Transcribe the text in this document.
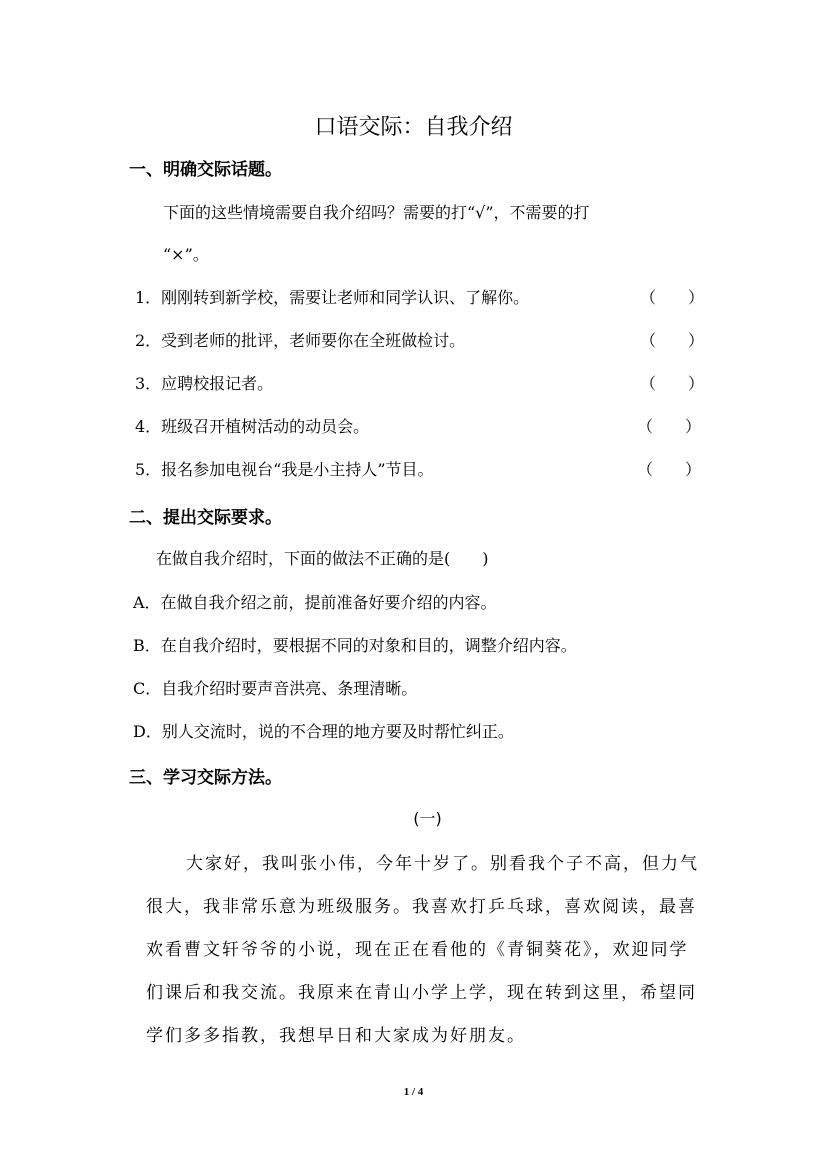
口语交际：自我介绍
一、明确交际话题。
下面的这些情境需要自我介绍吗？需要的打“√”，不需要的打
“×”。
1．刚刚转到新学校，需要让老师和同学认识、了解你。	（　　）
2．受到老师的批评，老师要你在全班做检讨。	（　　）
3．应聘校报记者。	（　　）
4．班级召开植树活动的动员会。	（　　）
5．报名参加电视台“我是小主持人”节目。	（　　）
二、提出交际要求。
在做自我介绍时，下面的做法不正确的是(　　)
A．在做自我介绍之前，提前准备好要介绍的内容。
B．在自我介绍时，要根据不同的对象和目的，调整介绍内容。
C．自我介绍时要声音洪亮、条理清晰。
D．别人交流时，说的不合理的地方要及时帮忙纠正。
三、学习交际方法。
(一)
大家好，我叫张小伟，今年十岁了。别看我个子不高，但力气
很大，我非常乐意为班级服务。我喜欢打乒乓球，喜欢阅读，最喜
欢看曹文轩爷爷的小说，现在正在看他的《青铜葵花》，欢迎同学
们课后和我交流。我原来在青山小学上学，现在转到这里，希望同
学们多多指教，我想早日和大家成为好朋友。
1 / 4
